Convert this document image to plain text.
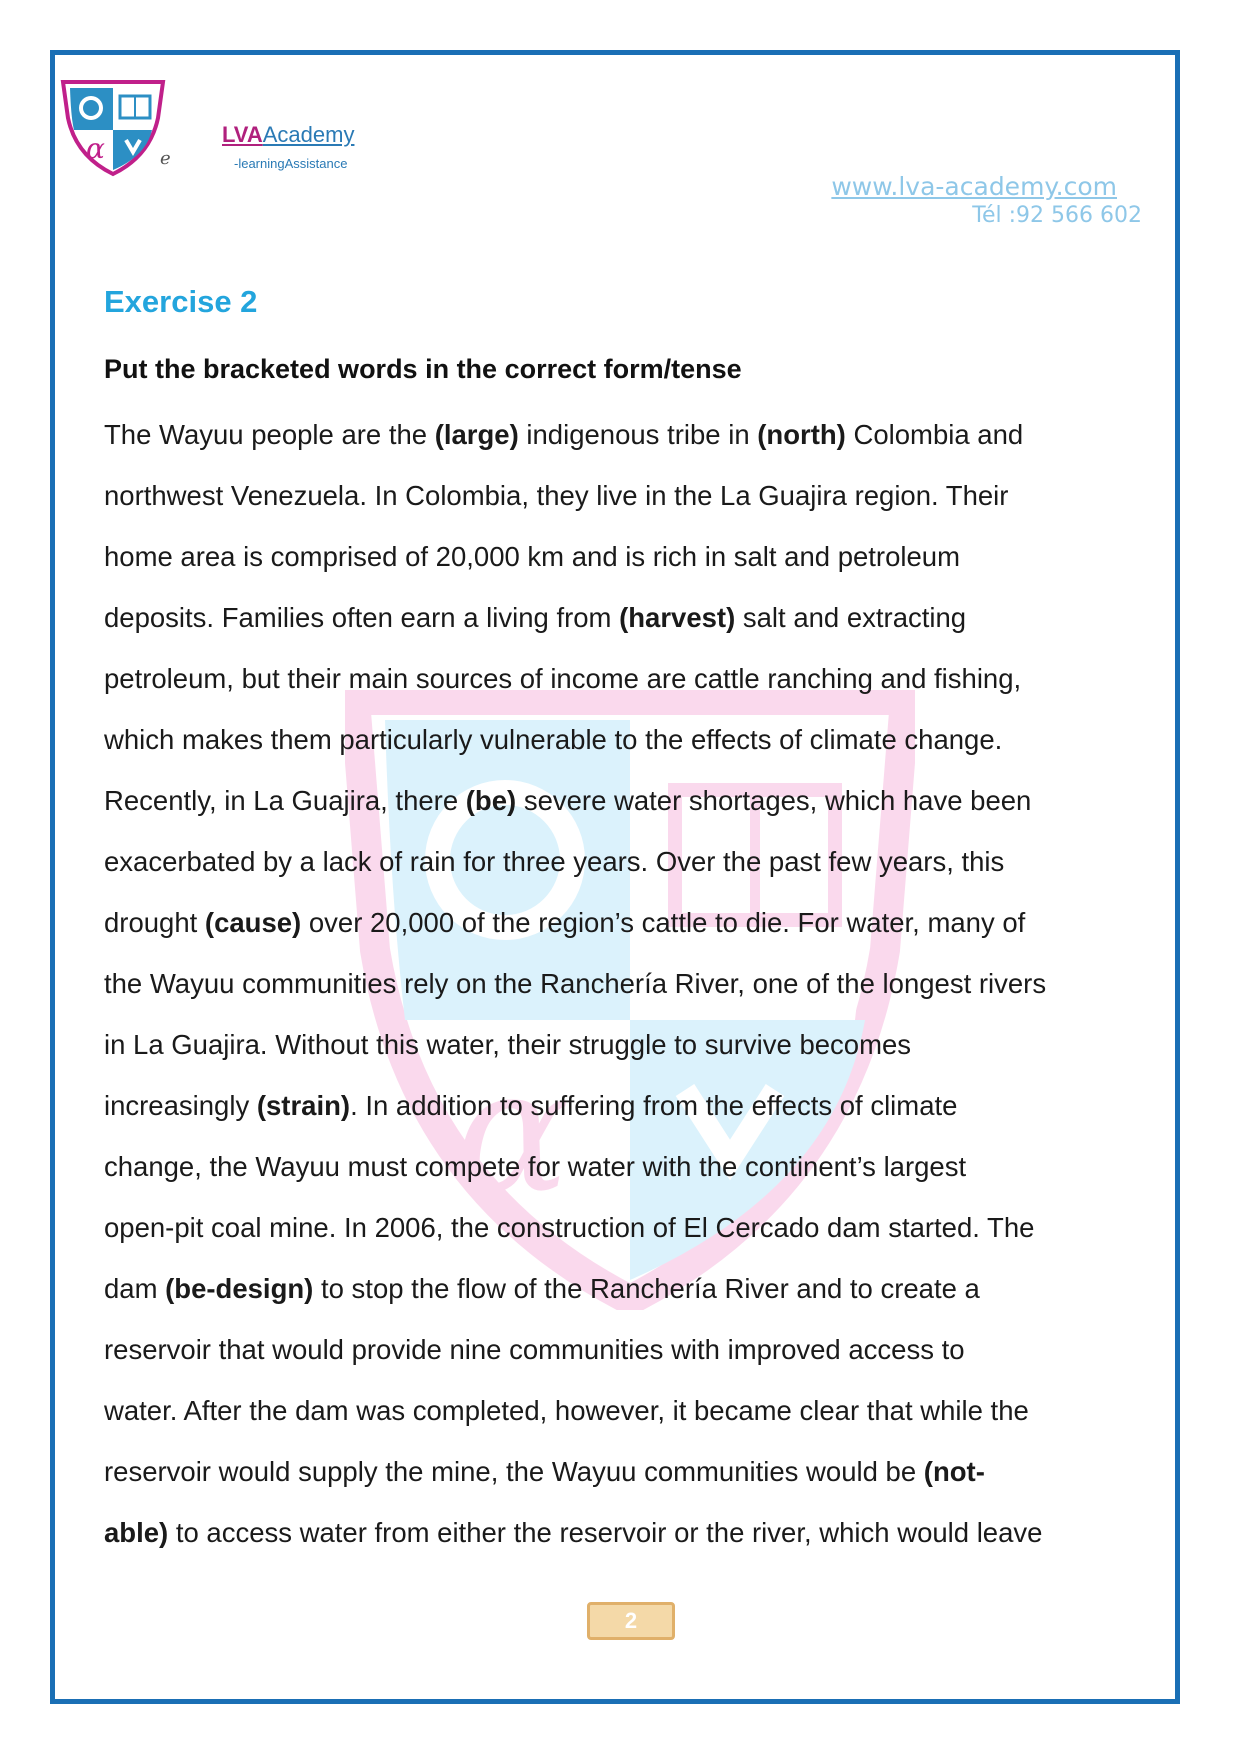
α	e
LVAAcademy
-learningAssistance
www.lva-academy.com
Tél :92 566 602
α
Exercise 2
Put the bracketed words in the correct form/tense
The Wayuu people are the (large) indigenous tribe in (north) Colombia and
northwest Venezuela. In Colombia, they live in the La Guajira region. Their
home area is comprised of 20,000 km and is rich in salt and petroleum
deposits. Families often earn a living from (harvest) salt and extracting
petroleum, but their main sources of income are cattle ranching and fishing,
which makes them particularly vulnerable to the effects of climate change.
Recently, in La Guajira, there (be) severe water shortages, which have been
exacerbated by a lack of rain for three years. Over the past few years, this
drought (cause) over 20,000 of the region’s cattle to die. For water, many of
the Wayuu communities rely on the Ranchería River, one of the longest rivers
in La Guajira. Without this water, their struggle to survive becomes
increasingly (strain). In addition to suffering from the effects of climate
change, the Wayuu must compete for water with the continent’s largest
open-pit coal mine. In 2006, the construction of El Cercado dam started. The
dam (be-design) to stop the flow of the Ranchería River and to create a
reservoir that would provide nine communities with improved access to
water. After the dam was completed, however, it became clear that while the
reservoir would supply the mine, the Wayuu communities would be (not-
able) to access water from either the reservoir or the river, which would leave
2
